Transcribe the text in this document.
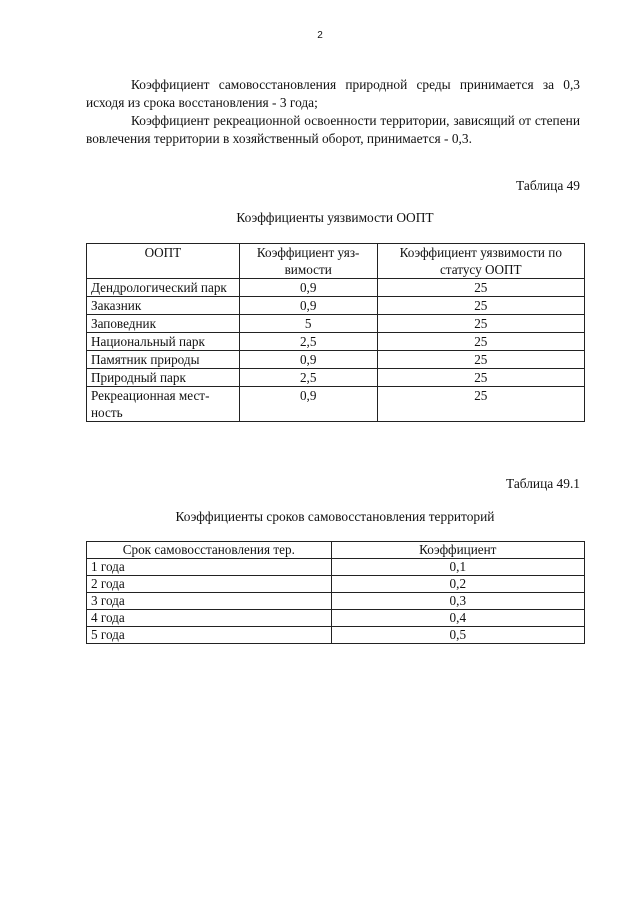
2

Коэффициент самовосстановления природной среды принимается за 0,3 исходя из срока восстановления - 3 года;

Коэффициент рекреационной освоенности территории, зависящий от степени вовлечения территории в хозяйственный оборот, принимается - 0,3.

Таблица 49
Коэффициенты уязвимости ООПТ
ООПТ	Коэффициент уяз-вимости	Коэффициент уязвимости по статусу ООПТ
Дендрологический парк	0,9	25
Заказник	0,9	25
Заповедник	5	25
Национальный парк	2,5	25
Памятник природы	0,9	25
Природный парк	2,5	25
Рекреационная мест-ность	0,9	25
Таблица 49.1
Коэффициенты сроков самовосстановления территорий
Срок самовосстановления тер.	Коэффициент
1 года	0,1
2 года	0,2
3 года	0,3
4 года	0,4
5 года	0,5
